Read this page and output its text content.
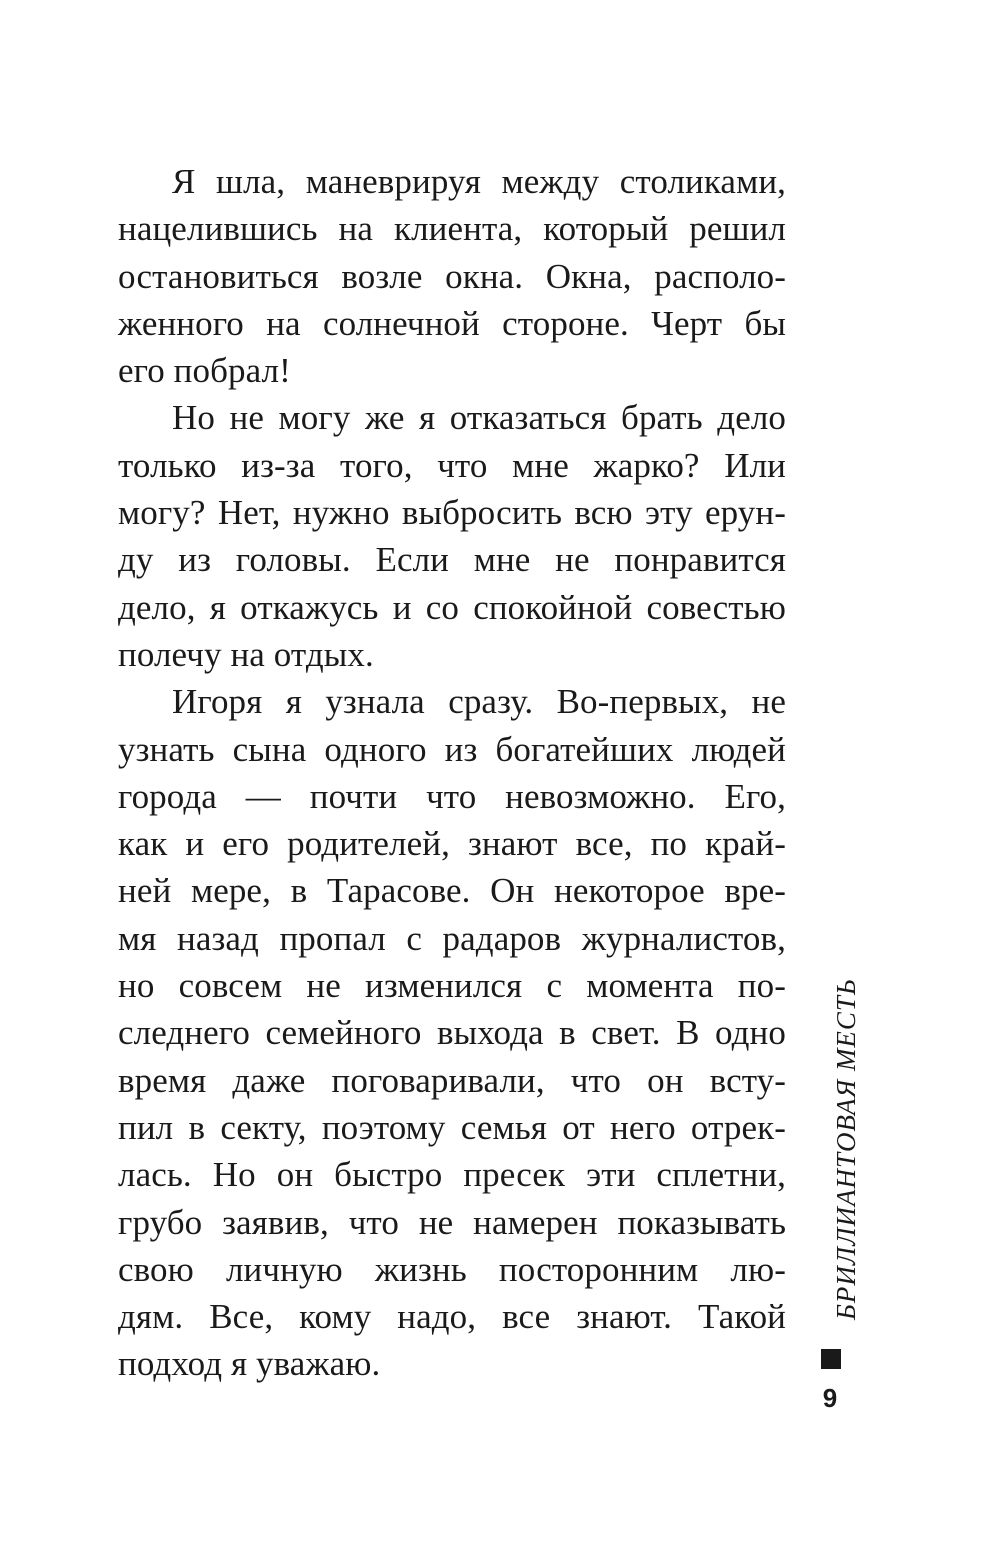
Я шла, маневрируя между столиками,
нацелившись на клиента, который решил
остановиться возле окна. Окна, располо-
женного на солнечной стороне. Черт бы
его побрал!
Но не могу же я отказаться брать дело
только из-за того, что мне жарко? Или
могу? Нет, нужно выбросить всю эту ерун-
ду из головы. Если мне не понравится
дело, я откажусь и со спокойной совестью
полечу на отдых.
Игоря я узнала сразу. Во-первых, не
узнать сына одного из богатейших людей
города — почти что невозможно. Его,
как и его родителей, знают все, по край-
ней мере, в Тарасове. Он некоторое вре-
мя назад пропал с радаров журналистов,
но совсем не изменился с момента по-
следнего семейного выхода в свет. В одно
время даже поговаривали, что он всту-
пил в секту, поэтому семья от него отрек-
лась. Но он быстро пресек эти сплетни,
грубо заявив, что не намерен показывать
свою личную жизнь посторонним лю-
дям. Все, кому надо, все знают. Такой
подход я уважаю.
БРИЛЛИАНТОВАЯ МЕСТЬ
9
